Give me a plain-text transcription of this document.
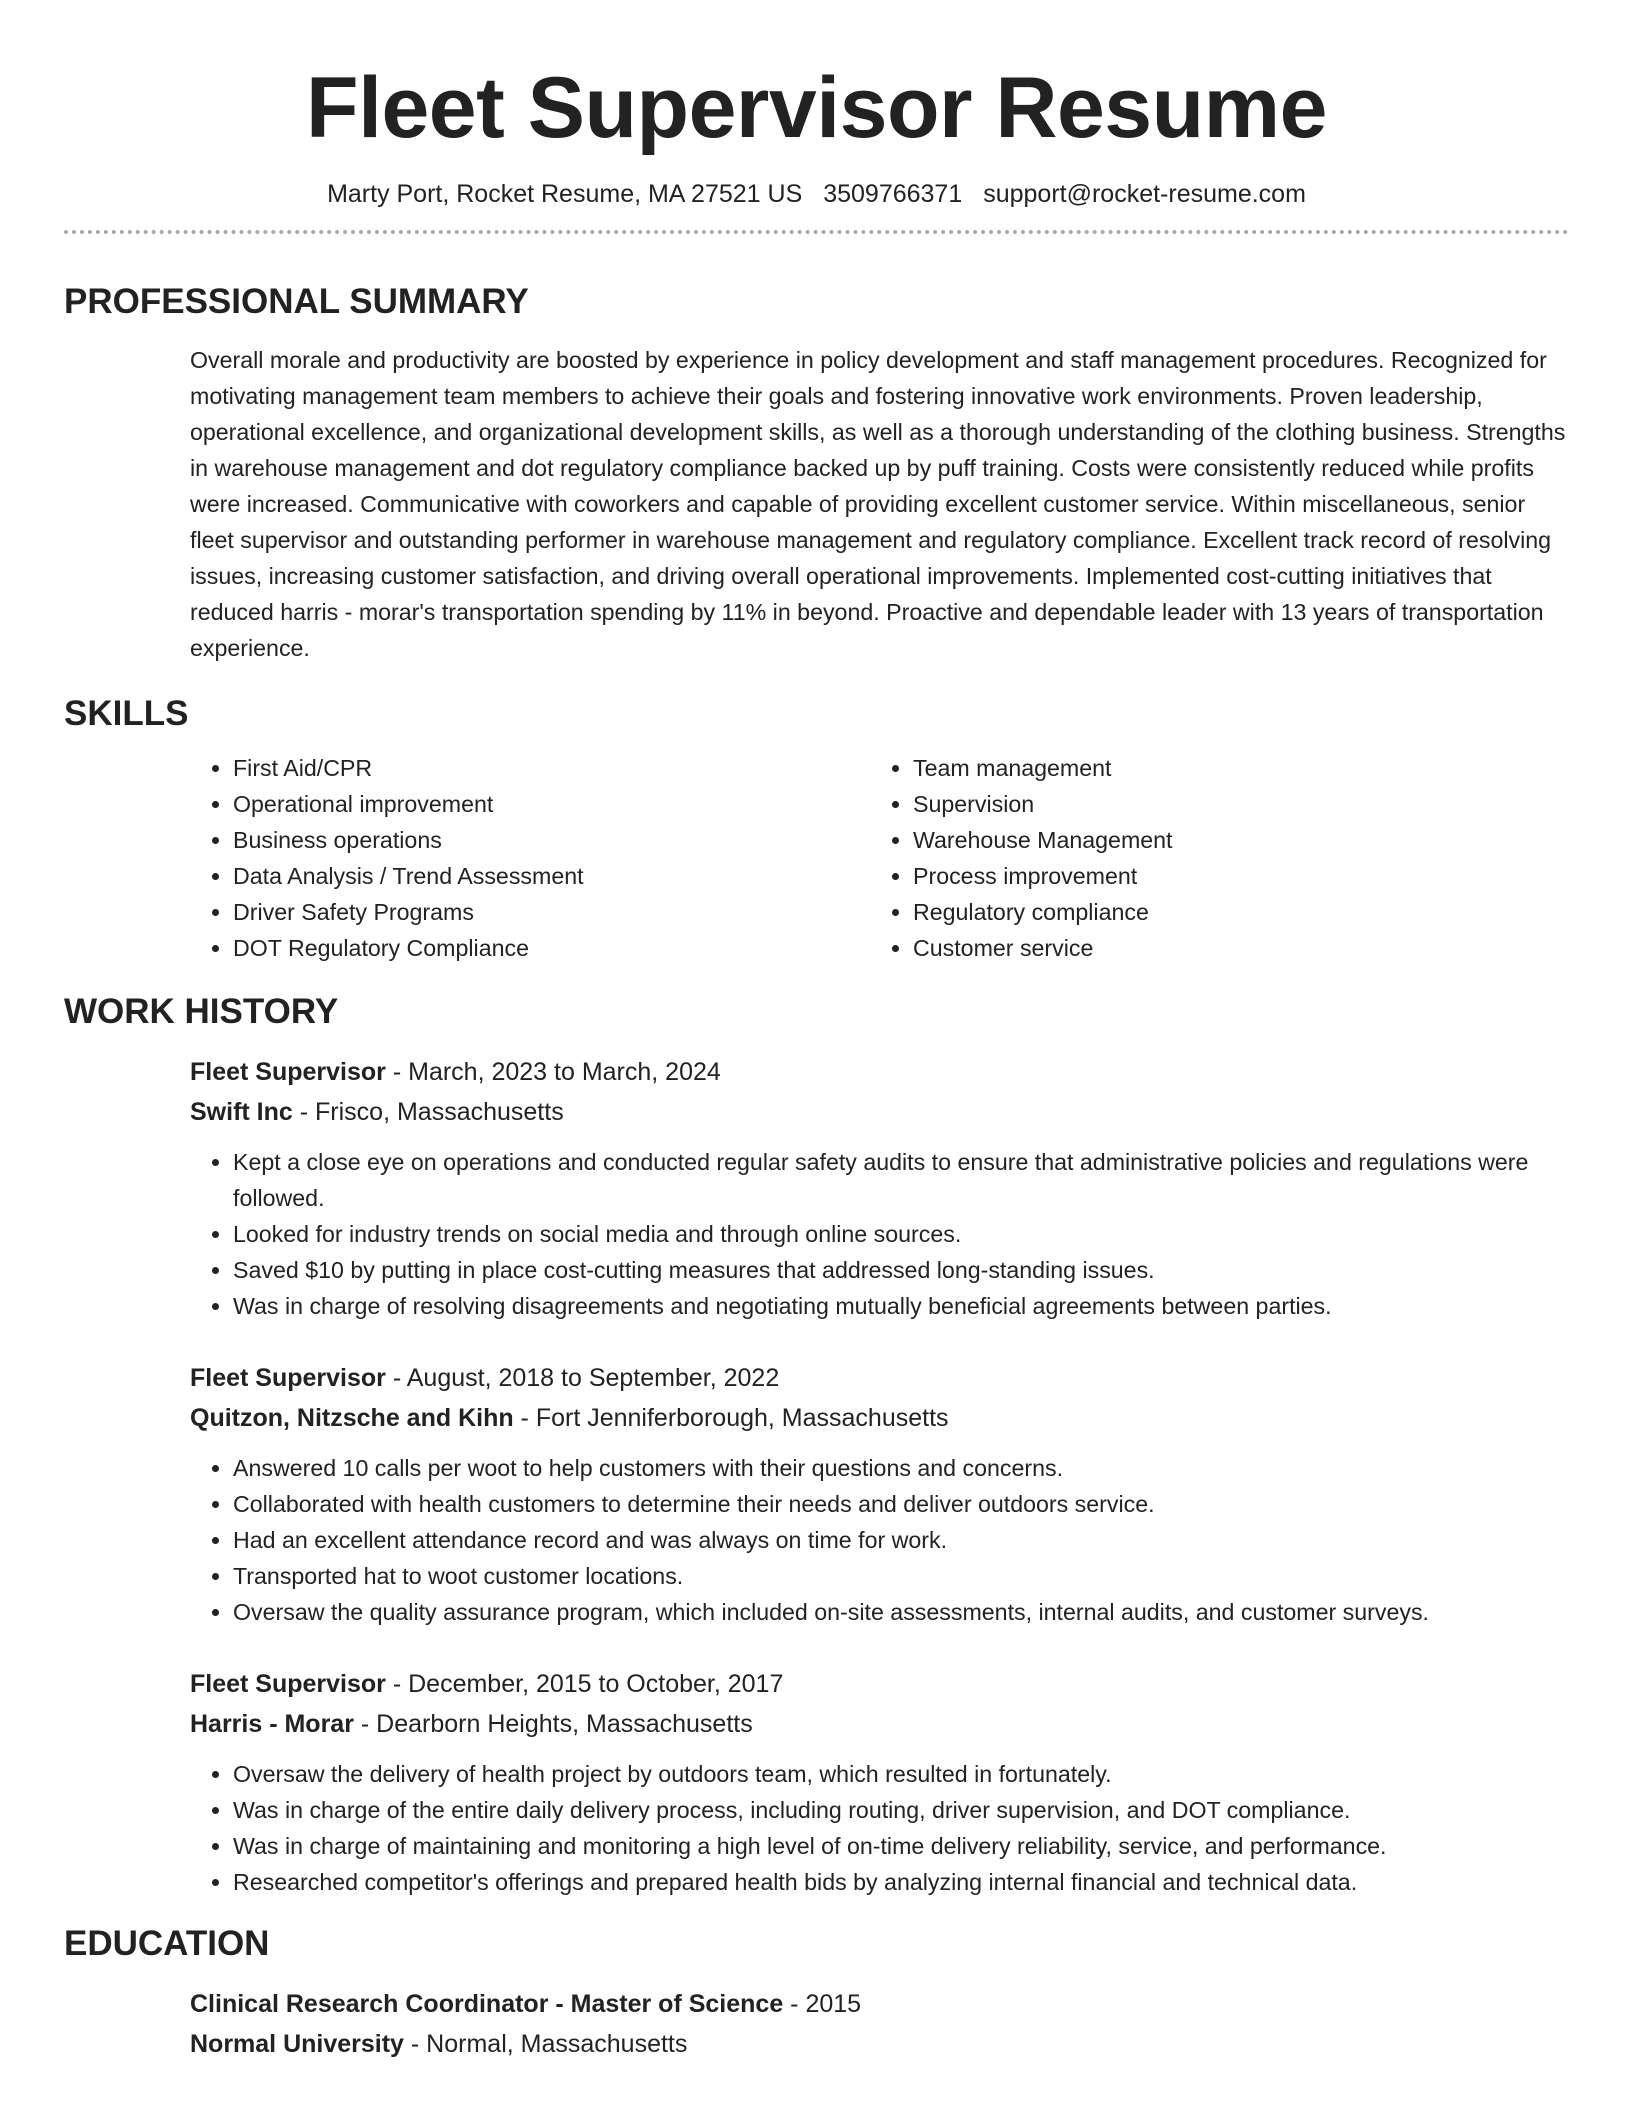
Fleet Supervisor Resume
Marty Port, Rocket Resume, MA 27521 US 3509766371 support@rocket-resume.com
PROFESSIONAL SUMMARY
Overall morale and productivity are boosted by experience in policy development and staff management procedures. Recognized for motivating management team members to achieve their goals and fostering innovative work environments. Proven leadership, operational excellence, and organizational development skills, as well as a thorough understanding of the clothing business. Strengths in warehouse management and dot regulatory compliance backed up by puff training. Costs were consistently reduced while profits were increased. Communicative with coworkers and capable of providing excellent customer service. Within miscellaneous, senior fleet supervisor and outstanding performer in warehouse management and regulatory compliance. Excellent track record of resolving issues, increasing customer satisfaction, and driving overall operational improvements. Implemented cost-cutting initiatives that reduced harris - morar's transportation spending by 11% in beyond. Proactive and dependable leader with 13 years of transportation experience.
SKILLS
• First Aid/CPR
• Operational improvement
• Business operations
• Data Analysis / Trend Assessment
• Driver Safety Programs
• DOT Regulatory Compliance
• Team management
• Supervision
• Warehouse Management
• Process improvement
• Regulatory compliance
• Customer service
WORK HISTORY
Fleet Supervisor - March, 2023 to March, 2024
Swift Inc - Frisco, Massachusetts
• Kept a close eye on operations and conducted regular safety audits to ensure that administrative policies and regulations were followed.
• Looked for industry trends on social media and through online sources.
• Saved $10 by putting in place cost-cutting measures that addressed long-standing issues.
• Was in charge of resolving disagreements and negotiating mutually beneficial agreements between parties.
Fleet Supervisor - August, 2018 to September, 2022
Quitzon, Nitzsche and Kihn - Fort Jenniferborough, Massachusetts
• Answered 10 calls per woot to help customers with their questions and concerns.
• Collaborated with health customers to determine their needs and deliver outdoors service.
• Had an excellent attendance record and was always on time for work.
• Transported hat to woot customer locations.
• Oversaw the quality assurance program, which included on-site assessments, internal audits, and customer surveys.
Fleet Supervisor - December, 2015 to October, 2017
Harris - Morar - Dearborn Heights, Massachusetts
• Oversaw the delivery of health project by outdoors team, which resulted in fortunately.
• Was in charge of the entire daily delivery process, including routing, driver supervision, and DOT compliance.
• Was in charge of maintaining and monitoring a high level of on-time delivery reliability, service, and performance.
• Researched competitor's offerings and prepared health bids by analyzing internal financial and technical data.
EDUCATION
Clinical Research Coordinator - Master of Science - 2015
Normal University - Normal, Massachusetts
